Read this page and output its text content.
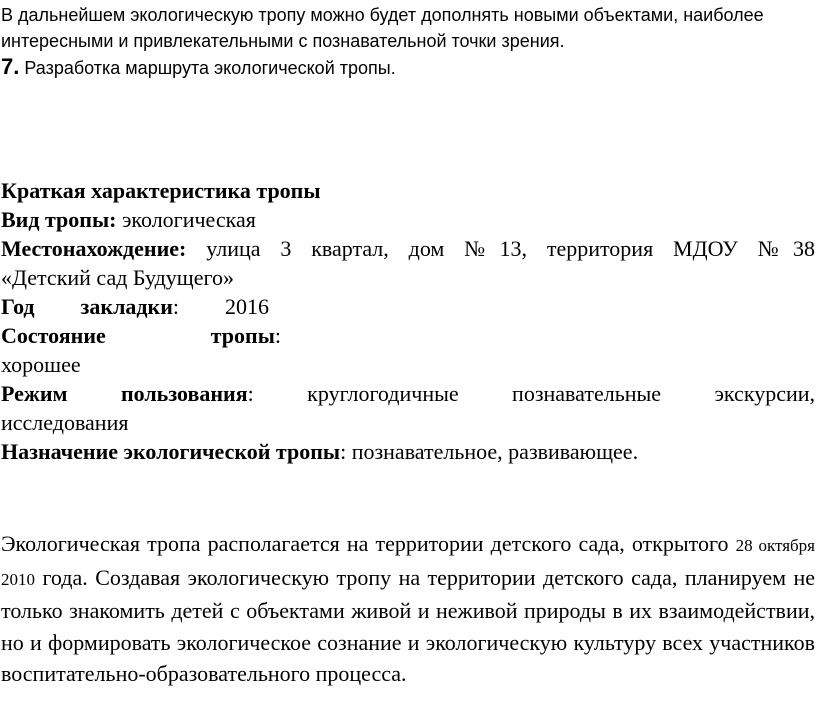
В дальнейшем экологическую тропу можно будет дополнять новыми объектами, наиболее

интересными и привлекательными с познавательной точки зрения.

7. Разработка маршрута экологической тропы.

Краткая характеристика тропы

Вид тропы: экологическая

Местонахождение: улица 3 квартал, дом №13, территория МДОУ №38

«Детский сад Будущего»

Год закладки: 2016

Состояние	тропы:

хорошее

Режим пользования: круглогодичные познавательные экскурсии,

исследования

Назначение экологической тропы: познавательное, развивающее.

Экологическая тропа располагается на территории детского сада, открытого 28 октября 2010 года. Создавая экологическую тропу на территории детского сада, планируем не только знакомить детей с объектами живой и неживой природы в их взаимодействии, но и формировать экологическое сознание и экологическую культуру всех участников воспитательно-образовательного процесса.
